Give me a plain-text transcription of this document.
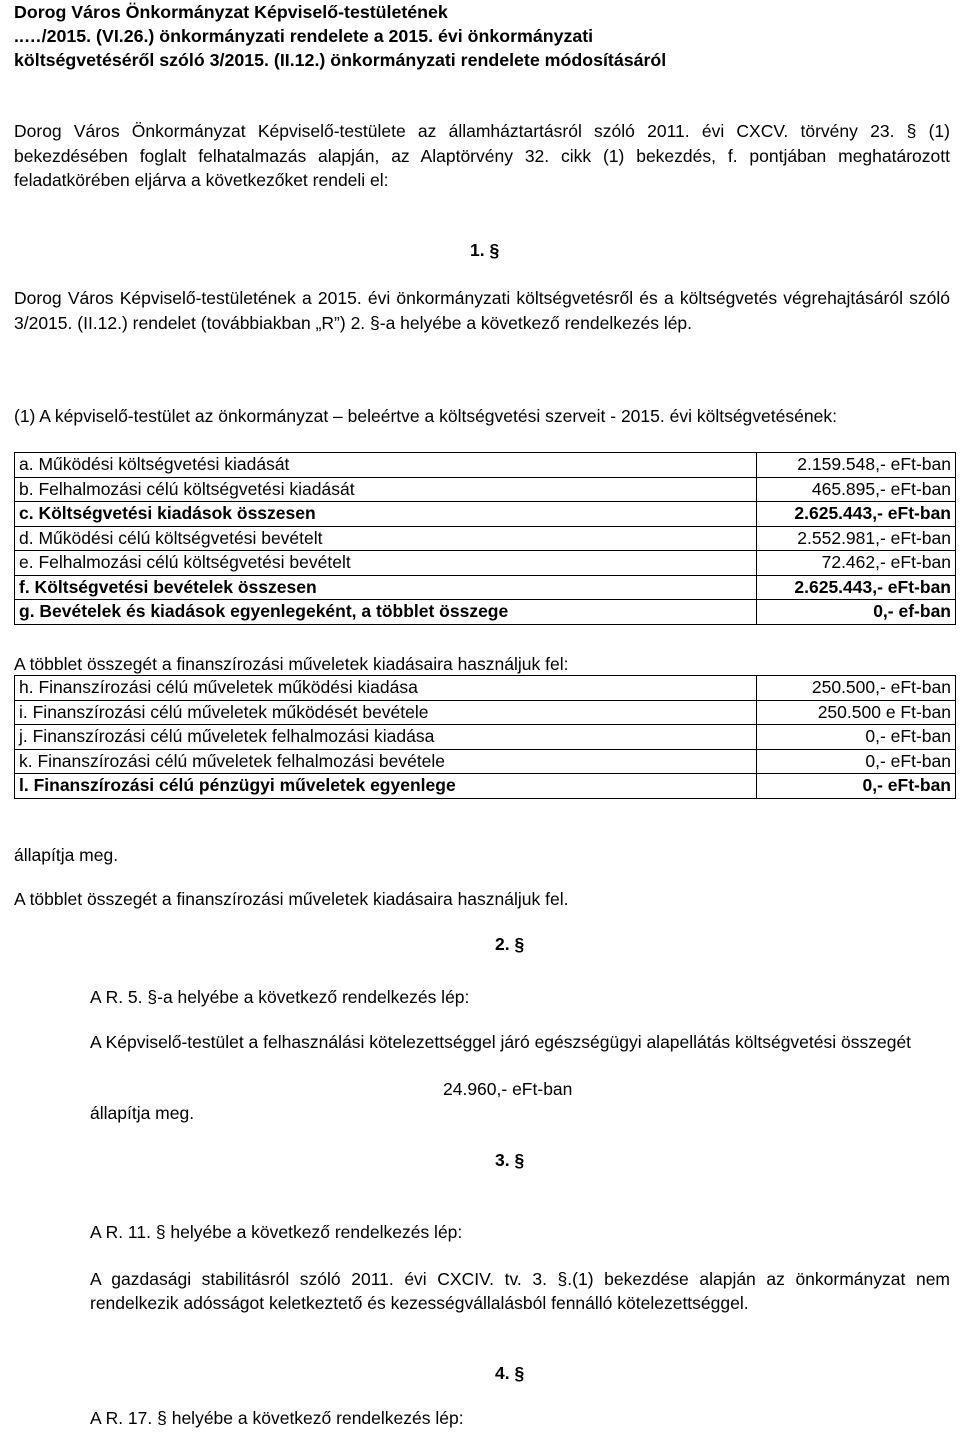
Dorog Város Önkormányzat Képviselő-testületének
..…/2015. (VI.26.) önkormányzati rendelete a 2015. évi önkormányzati
költségvetéséről szóló 3/2015. (II.12.) önkormányzati rendelete módosításáról
Dorog Város Önkormányzat Képviselő-testülete az államháztartásról szóló 2011. évi CXCV. törvény 23. § (1) bekezdésében foglalt felhatalmazás alapján, az Alaptörvény 32. cikk (1) bekezdés, f. pontjában meghatározott feladatkörében eljárva a következőket rendeli el:
1. §
Dorog Város Képviselő-testületének a 2015. évi önkormányzati költségvetésről és a költségvetés végrehajtásáról szóló 3/2015. (II.12.) rendelet (továbbiakban „R”) 2. §-a helyébe a következő rendelkezés lép.
(1) A képviselő-testület az önkormányzat – beleértve a költségvetési szerveit - 2015. évi költségvetésének:
a. Működési költségvetési kiadását	2.159.548,- eFt-ban
b. Felhalmozási célú költségvetési kiadását	465.895,- eFt-ban
c. Költségvetési kiadások összesen	2.625.443,- eFt-ban
d. Működési célú költségvetési bevételt	2.552.981,- eFt-ban
e. Felhalmozási célú költségvetési bevételt	72.462,- eFt-ban
f. Költségvetési bevételek összesen	2.625.443,- eFt-ban
g. Bevételek és kiadások egyenlegeként, a többlet összege	0,- ef-ban
A többlet összegét a finanszírozási műveletek kiadásaira használjuk fel:
h. Finanszírozási célú műveletek működési kiadása	250.500,- eFt-ban
i. Finanszírozási célú műveletek működését bevétele	250.500 e Ft-ban
j. Finanszírozási célú műveletek felhalmozási kiadása	0,- eFt-ban
k. Finanszírozási célú műveletek felhalmozási bevétele	0,- eFt-ban
l. Finanszírozási célú pénzügyi műveletek egyenlege	0,- eFt-ban
állapítja meg.
A többlet összegét a finanszírozási műveletek kiadásaira használjuk fel.
2. §
A R. 5. §-a helyébe a következő rendelkezés lép:
A Képviselő-testület a felhasználási kötelezettséggel járó egészségügyi alapellátás költségvetési összegét
24.960,- eFt-ban
állapítja meg.
3. §
A R. 11. § helyébe a következő rendelkezés lép:
A gazdasági stabilitásról szóló 2011. évi CXCIV. tv. 3. §.(1) bekezdése alapján az önkormányzat nem rendelkezik adósságot keletkeztető és kezességvállalásból fennálló kötelezettséggel.
4. §
A R. 17. § helyébe a következő rendelkezés lép:
